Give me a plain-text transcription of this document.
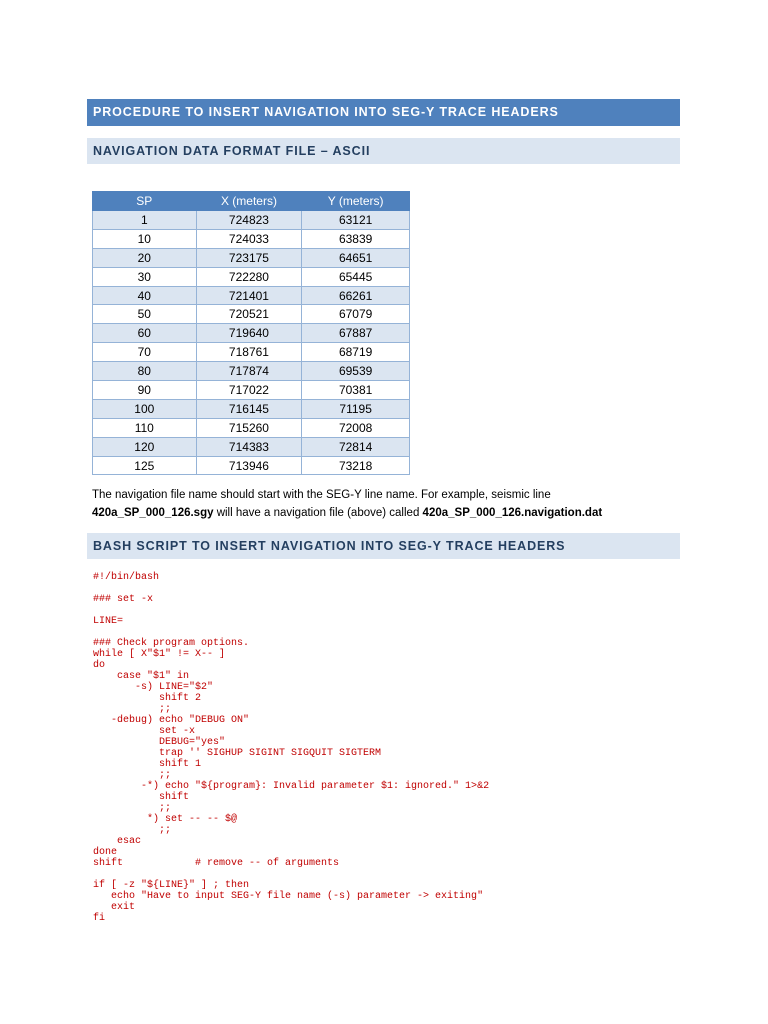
PROCEDURE TO INSERT NAVIGATION INTO SEG-Y TRACE HEADERS
NAVIGATION DATA FORMAT FILE – ASCII
SP	X (meters)	Y (meters)
1	724823	63121
10	724033	63839
20	723175	64651
30	722280	65445
40	721401	66261
50	720521	67079
60	719640	67887
70	718761	68719
80	717874	69539
90	717022	70381
100	716145	71195
110	715260	72008
120	714383	72814
125	713946	73218
The navigation file name should start with the SEG-Y line name. For example, seismic line
420a_SP_000_126.sgy will have a navigation file (above) called 420a_SP_000_126.navigation.dat
BASH SCRIPT TO INSERT NAVIGATION INTO SEG-Y TRACE HEADERS
#!/bin/bash

### set -x

LINE=

### Check program options.
while [ X"$1" != X-- ]
do
case "$1" in
-s) LINE="$2"
shift 2
;;
-debug) echo "DEBUG ON"
set -x
DEBUG="yes"
trap '' SIGHUP SIGINT SIGQUIT SIGTERM
shift 1
;;
-*) echo "${program}: Invalid parameter $1: ignored." 1>&2
shift
;;
*) set -- -- $@
;;
esac
done
shift            # remove -- of arguments

if [ -z "${LINE}" ] ; then
echo "Have to input SEG-Y file name (-s) parameter -> exiting"
exit
fi
